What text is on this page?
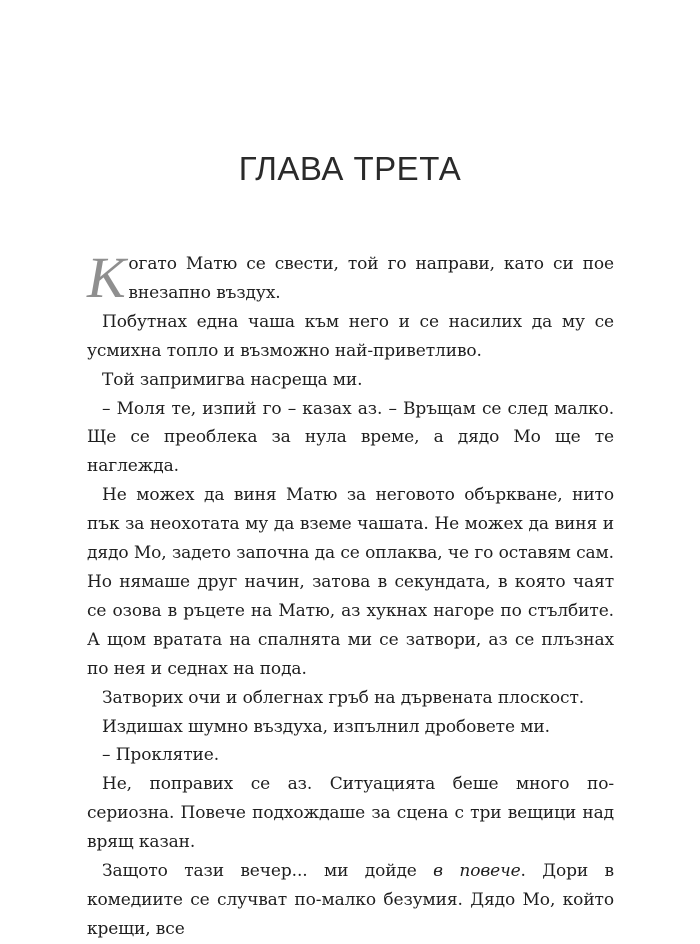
ГЛАВА ТРЕТА

Когато Матю се свести, той го направи, като си пое внезапно въздух.

Побутнах една чаша към него и се насилих да му се усмихна топло и възможно най-приветливо.

Той запримигва насреща ми.

– Моля те, изпий го – казах аз. – Връщам се след малко. Ще се преоблека за нула време, а дядо Мо ще те наглежда.

Не можех да виня Матю за неговото объркване, нито пък за неохотата му да вземе чашата. Не можех да виня и дядо Мо, задето започна да се оплаква, че го оставям сам. Но нямаше друг начин, затова в секундата, в която чаят се озова в ръцете на Матю, аз хукнах нагоре по стълбите. А щом вратата на спалнята ми се затвори, аз се плъзнах по нея и седнах на пода.

Затворих очи и облегнах гръб на дървената плоскост.

Издишах шумно въздуха, изпълнил дробовете ми.

– Проклятие.

Не, поправих се аз. Ситуацията беше много по-сериозна. Повече подхождаше за сцена с три вещици над врящ казан.

Защото тази вечер... ми дойде в повече. Дори в комедиите се случват по-малко безумия. Дядо Мо, който крещи, все
